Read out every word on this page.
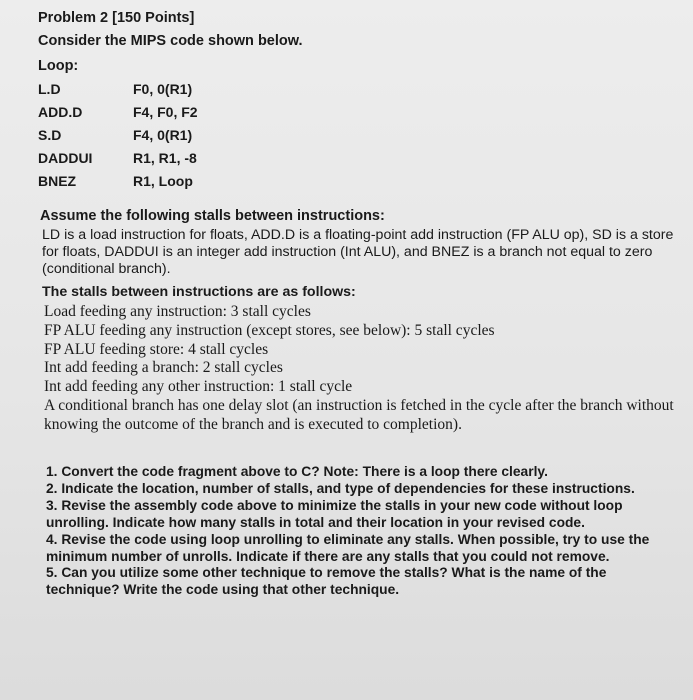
Problem 2 [150 Points]
Consider the MIPS code shown below.
Loop:
L.D	F0, 0(R1)
ADD.D	F4, F0, F2
S.D	F4, 0(R1)
DADDUI	R1, R1, -8
BNEZ	R1, Loop
Assume the following stalls between instructions:
LD is a load instruction for floats, ADD.D is a floating-point add instruction (FP ALU op), SD is a store for floats, DADDUI is an integer add instruction (Int ALU), and BNEZ is a branch not equal to zero (conditional branch).
The stalls between instructions are as follows:
Load feeding any instruction: 3 stall cycles
FP ALU feeding any instruction (except stores, see below): 5 stall cycles
FP ALU feeding store: 4 stall cycles
Int add feeding a branch: 2 stall cycles
Int add feeding any other instruction: 1 stall cycle
A conditional branch has one delay slot (an instruction is fetched in the cycle after the branch without knowing the outcome of the branch and is executed to completion).
1. Convert the code fragment above to C? Note: There is a loop there clearly.
2. Indicate the location, number of stalls, and type of dependencies for these instructions.
3. Revise the assembly code above to minimize the stalls in your new code without loop unrolling. Indicate how many stalls in total and their location in your revised code.
4. Revise the code using loop unrolling to eliminate any stalls. When possible, try to use the minimum number of unrolls. Indicate if there are any stalls that you could not remove.
5. Can you utilize some other technique to remove the stalls? What is the name of the technique? Write the code using that other technique.
